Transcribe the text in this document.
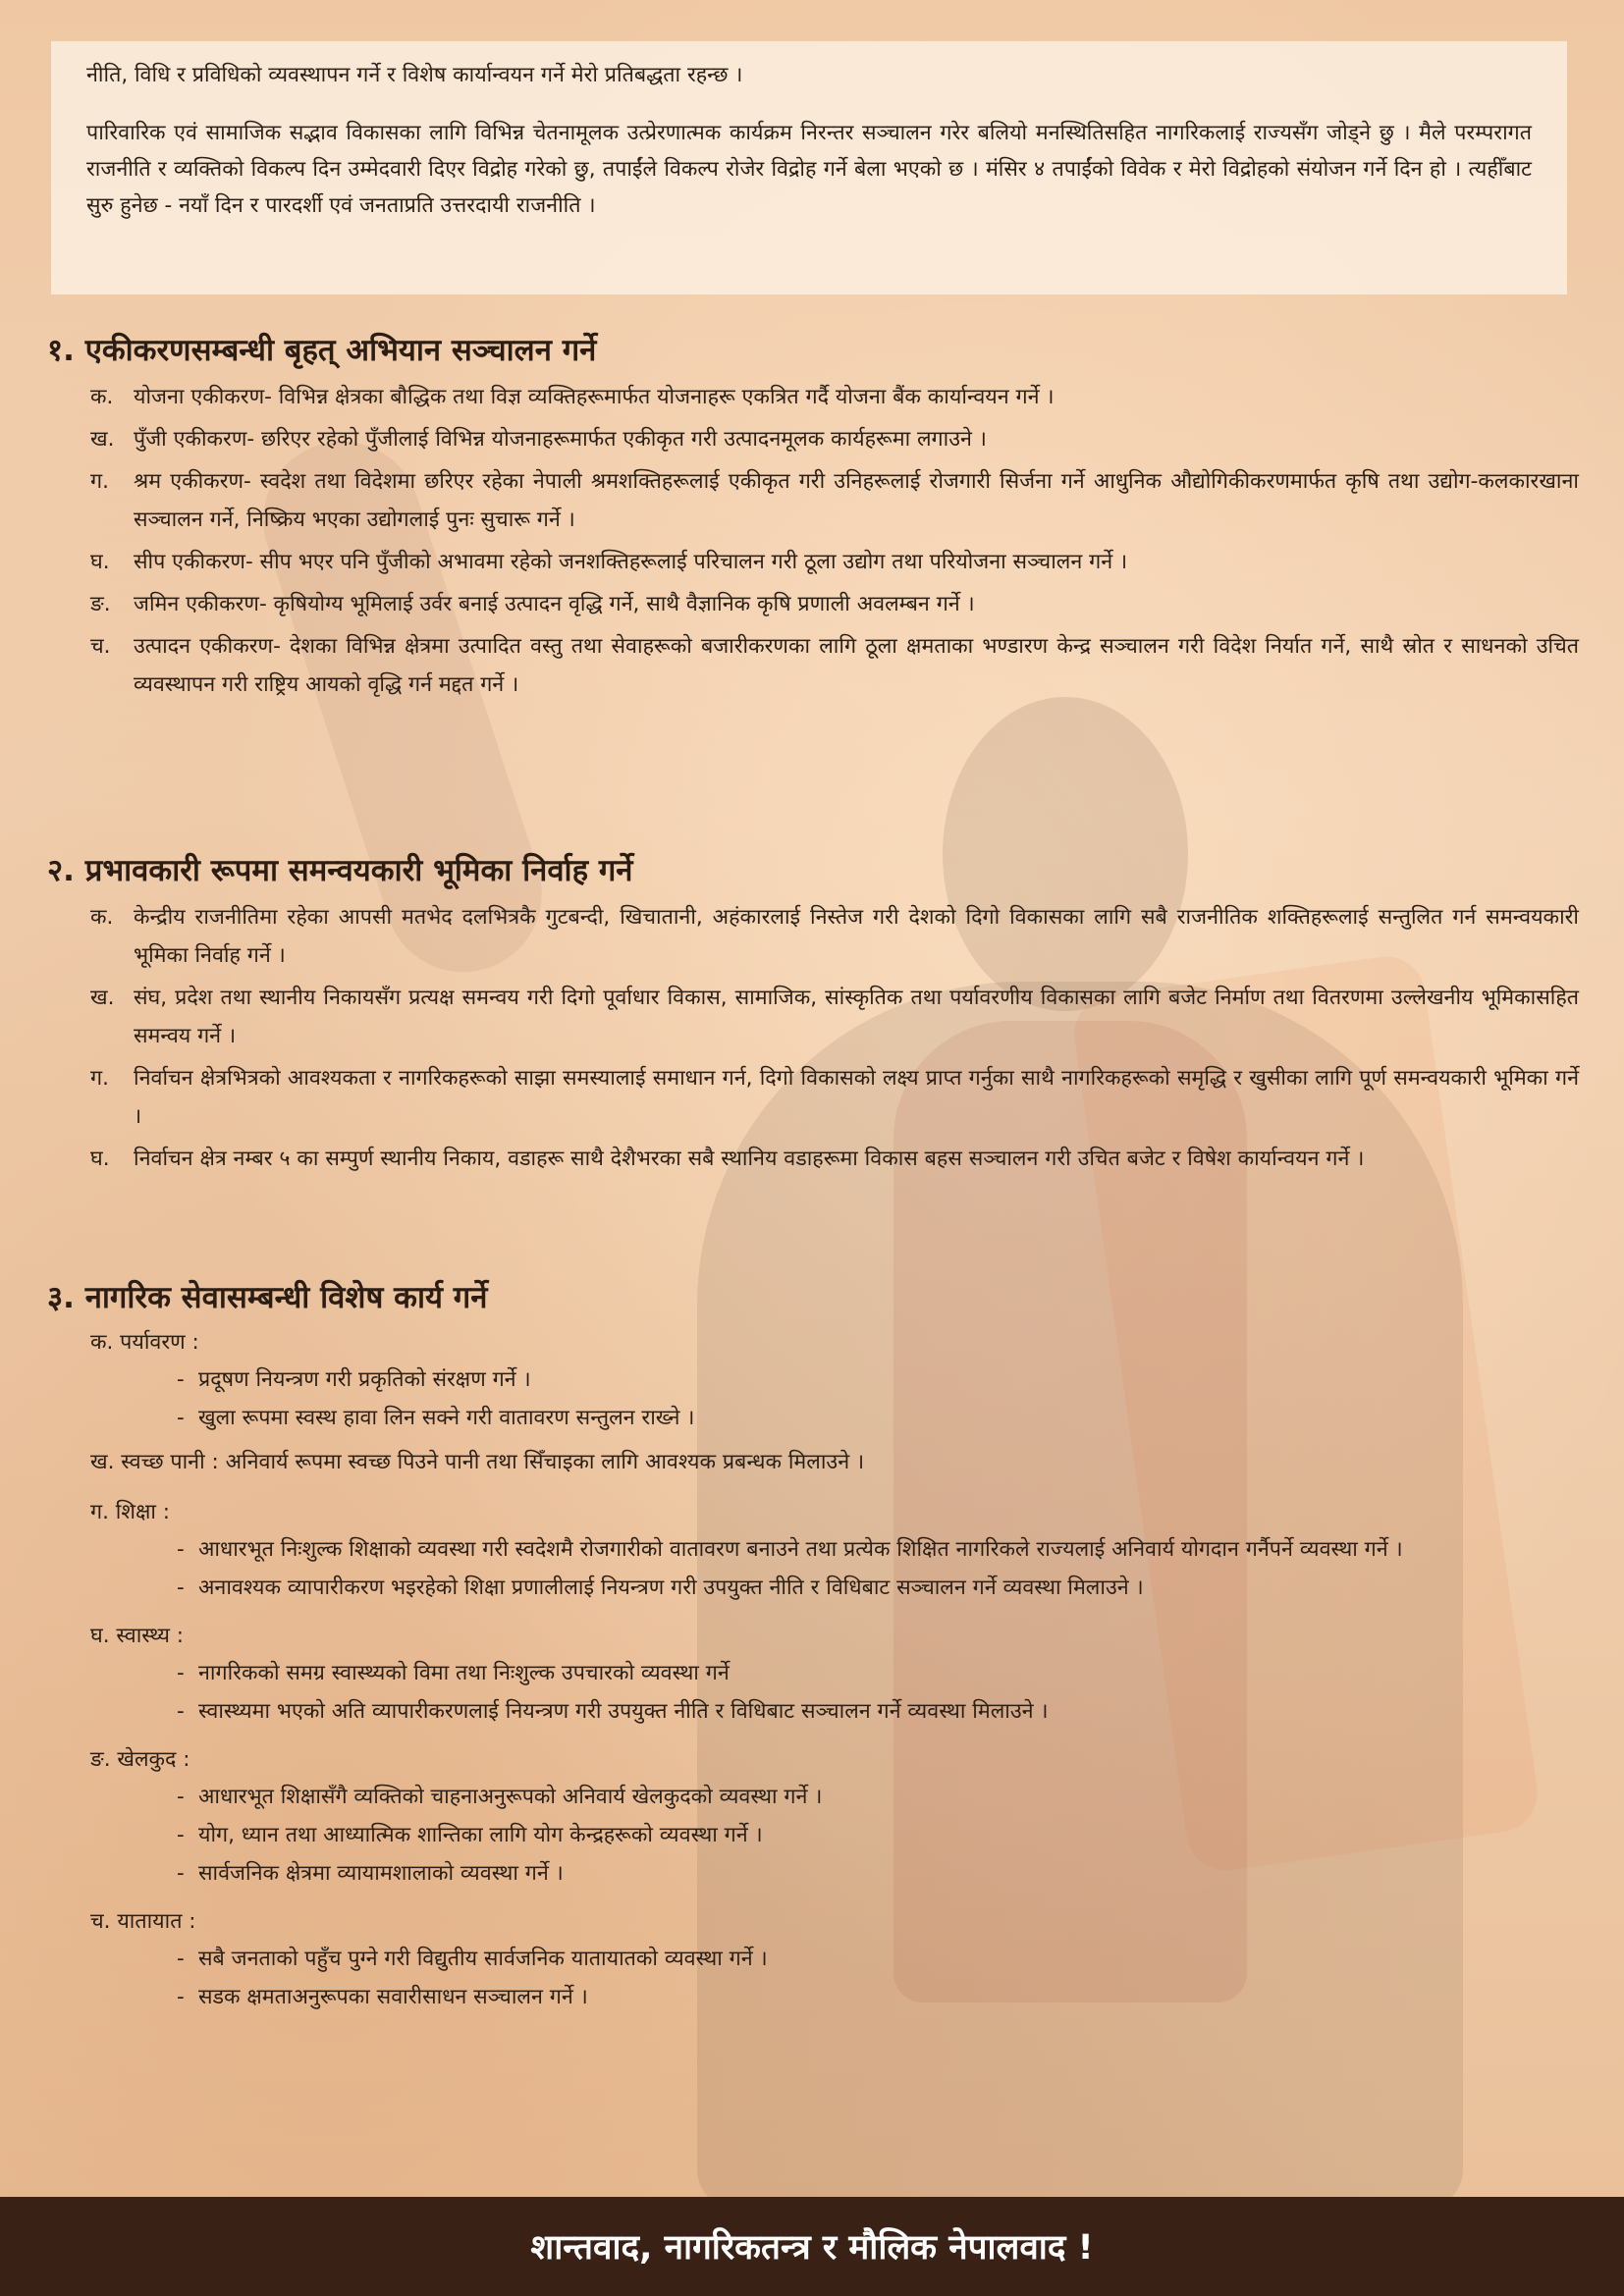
नीति, विधि र प्रविधिको व्यवस्थापन गर्ने र विशेष कार्यान्वयन गर्ने मेरो प्रतिबद्धता रहन्छ ।

पारिवारिक एवं सामाजिक सद्भाव विकासका लागि विभिन्न चेतनामूलक उत्प्रेरणात्मक कार्यक्रम निरन्तर सञ्चालन गरेर बलियो मनस्थितिसहित नागरिकलाई राज्यसँग जोड्ने छु । मैले परम्परागत राजनीति र व्यक्तिको विकल्प दिन उम्मेदवारी दिएर विद्रोह गरेको छु, तपाईंले विकल्प रोजेर विद्रोह गर्ने बेला भएको छ । मंसिर ४ तपाईंको विवेक र मेरो विद्रोहको संयोजन गर्ने दिन हो । त्यहीँबाट सुरु हुनेछ - नयाँ दिन र पारदर्शी एवं जनताप्रति उत्तरदायी राजनीति ।

१. एकीकरणसम्बन्धी बृहत् अभियान सञ्चालन गर्ने
क. योजना एकीकरण- विभिन्न क्षेत्रका बौद्धिक तथा विज्ञ व्यक्तिहरूमार्फत योजनाहरू एकत्रित गर्दै योजना बैंक कार्यान्वयन गर्ने ।
ख. पुँजी एकीकरण- छरिएर रहेको पुँजीलाई विभिन्न योजनाहरूमार्फत एकीकृत गरी उत्पादनमूलक कार्यहरूमा लगाउने ।
ग. श्रम एकीकरण- स्वदेश तथा विदेशमा छरिएर रहेका नेपाली श्रमशक्तिहरूलाई एकीकृत गरी उनिहरूलाई रोजगारी सिर्जना गर्ने आधुनिक औद्योगिकीकरणमार्फत कृषि तथा उद्योग-कलकारखाना सञ्चालन गर्ने, निष्क्रिय भएका उद्योगलाई पुनः सुचारू गर्ने ।
घ. सीप एकीकरण- सीप भएर पनि पुँजीको अभावमा रहेको जनशक्तिहरूलाई परिचालन गरी ठूला उद्योग तथा परियोजना सञ्चालन गर्ने ।
ङ. जमिन एकीकरण- कृषियोग्य भूमिलाई उर्वर बनाई उत्पादन वृद्धि गर्ने, साथै वैज्ञानिक कृषि प्रणाली अवलम्बन गर्ने ।
च. उत्पादन एकीकरण- देशका विभिन्न क्षेत्रमा उत्पादित वस्तु तथा सेवाहरूको बजारीकरणका लागि ठूला क्षमताका भण्डारण केन्द्र सञ्चालन गरी विदेश निर्यात गर्ने, साथै स्रोत र साधनको उचित व्यवस्थापन गरी राष्ट्रिय आयको वृद्धि गर्न मद्दत गर्ने ।
२. प्रभावकारी रूपमा समन्वयकारी भूमिका निर्वाह गर्ने
क. केन्द्रीय राजनीतिमा रहेका आपसी मतभेद दलभित्रकै गुटबन्दी, खिचातानी, अहंकारलाई निस्तेज गरी देशको दिगो विकासका लागि सबै राजनीतिक शक्तिहरूलाई सन्तुलित गर्न समन्वयकारी भूमिका निर्वाह गर्ने ।
ख. संघ, प्रदेश तथा स्थानीय निकायसँग प्रत्यक्ष समन्वय गरी दिगो पूर्वाधार विकास, सामाजिक, सांस्कृतिक तथा पर्यावरणीय विकासका लागि बजेट निर्माण तथा वितरणमा उल्लेखनीय भूमिकासहित समन्वय गर्ने ।
ग. निर्वाचन क्षेत्रभित्रको आवश्यकता र नागरिकहरूको साझा समस्यालाई समाधान गर्न, दिगो विकासको लक्ष्य प्राप्त गर्नुका साथै नागरिकहरूको समृद्धि र खुसीका लागि पूर्ण समन्वयकारी भूमिका गर्ने ।
घ. निर्वाचन क्षेत्र नम्बर ५ का सम्पुर्ण स्थानीय निकाय, वडाहरू साथै देशैभरका सबै स्थानिय वडाहरूमा विकास बहस सञ्चालन गरी उचित बजेट र विषेश कार्यान्वयन गर्ने ।
३. नागरिक सेवासम्बन्धी विशेष कार्य गर्ने
क. पर्यावरण :
- प्रदूषण नियन्त्रण गरी प्रकृतिको संरक्षण गर्ने ।
- खुला रूपमा स्वस्थ हावा लिन सक्ने गरी वातावरण सन्तुलन राख्ने ।
ख. स्वच्छ पानी : अनिवार्य रूपमा स्वच्छ पिउने पानी तथा सिँचाइका लागि आवश्यक प्रबन्धक मिलाउने ।
ग. शिक्षा :
- आधारभूत निःशुल्क शिक्षाको व्यवस्था गरी स्वदेशमै रोजगारीको वातावरण बनाउने तथा प्रत्येक शिक्षित नागरिकले राज्यलाई अनिवार्य योगदान गर्नैपर्ने व्यवस्था गर्ने ।
- अनावश्यक व्यापारीकरण भइरहेको शिक्षा प्रणालीलाई नियन्त्रण गरी उपयुक्त नीति र विधिबाट सञ्चालन गर्ने व्यवस्था मिलाउने ।
घ. स्वास्थ्य :
- नागरिकको समग्र स्वास्थ्यको विमा तथा निःशुल्क उपचारको व्यवस्था गर्ने
- स्वास्थ्यमा भएको अति व्यापारीकरणलाई नियन्त्रण गरी उपयुक्त नीति र विधिबाट सञ्चालन गर्ने व्यवस्था मिलाउने ।
ङ. खेलकुद :
- आधारभूत शिक्षासँगै व्यक्तिको चाहनाअनुरूपको अनिवार्य खेलकुदको व्यवस्था गर्ने ।
- योग, ध्यान तथा आध्यात्मिक शान्तिका लागि योग केन्द्रहरूको व्यवस्था गर्ने ।
- सार्वजनिक क्षेत्रमा व्यायामशालाको व्यवस्था गर्ने ।
च. यातायात :
- सबै जनताको पहुँच पुग्ने गरी विद्युतीय सार्वजनिक यातायातको व्यवस्था गर्ने ।
- सडक क्षमताअनुरूपका सवारीसाधन सञ्चालन गर्ने ।
शान्तवाद, नागरिकतन्त्र र मौलिक नेपालवाद !
